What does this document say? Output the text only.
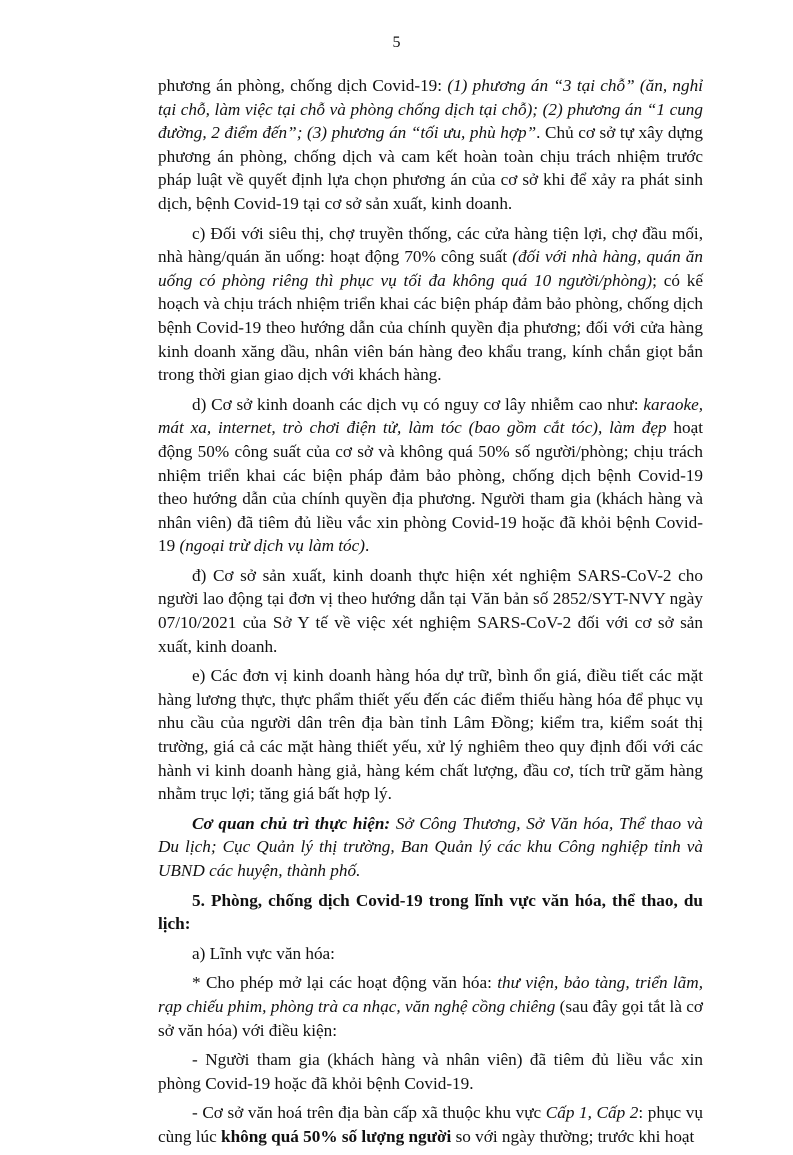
5

phương án phòng, chống dịch Covid-19: (1) phương án “3 tại chỗ” (ăn, nghỉ tại chỗ, làm việc tại chỗ và phòng chống dịch tại chỗ); (2) phương án “1 cung đường, 2 điểm đến”; (3) phương án “tối ưu, phù hợp”. Chủ cơ sở tự xây dựng phương án phòng, chống dịch và cam kết hoàn toàn chịu trách nhiệm trước pháp luật về quyết định lựa chọn phương án của cơ sở khi để xảy ra phát sinh dịch, bệnh Covid-19 tại cơ sở sản xuất, kinh doanh.

c) Đối với siêu thị, chợ truyền thống, các cửa hàng tiện lợi, chợ đầu mối, nhà hàng/quán ăn uống: hoạt động 70% công suất (đối với nhà hàng, quán ăn uống có phòng riêng thì phục vụ tối đa không quá 10 người/phòng); có kế hoạch và chịu trách nhiệm triển khai các biện pháp đảm bảo phòng, chống dịch bệnh Covid-19 theo hướng dẫn của chính quyền địa phương; đối với cửa hàng kinh doanh xăng dầu, nhân viên bán hàng đeo khẩu trang, kính chắn giọt bắn trong thời gian giao dịch với khách hàng.

d) Cơ sở kinh doanh các dịch vụ có nguy cơ lây nhiễm cao như: karaoke, mát xa, internet, trò chơi điện tử, làm tóc (bao gồm cắt tóc), làm đẹp hoạt động 50% công suất của cơ sở và không quá 50% số người/phòng; chịu trách nhiệm triển khai các biện pháp đảm bảo phòng, chống dịch bệnh Covid-19 theo hướng dẫn của chính quyền địa phương. Người tham gia (khách hàng và nhân viên) đã tiêm đủ liều vắc xin phòng Covid-19 hoặc đã khỏi bệnh Covid-19 (ngoại trừ dịch vụ làm tóc).

đ) Cơ sở sản xuất, kinh doanh thực hiện xét nghiệm SARS-CoV-2 cho người lao động tại đơn vị theo hướng dẫn tại Văn bản số 2852/SYT-NVY ngày 07/10/2021 của Sở Y tế về việc xét nghiệm SARS-CoV-2 đối với cơ sở sản xuất, kinh doanh.

e) Các đơn vị kinh doanh hàng hóa dự trữ, bình ổn giá, điều tiết các mặt hàng lương thực, thực phẩm thiết yếu đến các điểm thiếu hàng hóa để phục vụ nhu cầu của người dân trên địa bàn tỉnh Lâm Đồng; kiểm tra, kiểm soát thị trường, giá cả các mặt hàng thiết yếu, xử lý nghiêm theo quy định đối với các hành vi kinh doanh hàng giả, hàng kém chất lượng, đầu cơ, tích trữ găm hàng nhằm trục lợi; tăng giá bất hợp lý.

Cơ quan chủ trì thực hiện: Sở Công Thương, Sở Văn hóa, Thể thao và Du lịch; Cục Quản lý thị trường, Ban Quản lý các khu Công nghiệp tỉnh và UBND các huyện, thành phố.

5. Phòng, chống dịch Covid-19 trong lĩnh vực văn hóa, thể thao, du lịch:

a) Lĩnh vực văn hóa:

* Cho phép mở lại các hoạt động văn hóa: thư viện, bảo tàng, triển lãm, rạp chiếu phim, phòng trà ca nhạc, văn nghệ cồng chiêng (sau đây gọi tắt là cơ sở văn hóa) với điều kiện:

- Người tham gia (khách hàng và nhân viên) đã tiêm đủ liều vắc xin phòng Covid-19 hoặc đã khỏi bệnh Covid-19.

- Cơ sở văn hoá trên địa bàn cấp xã thuộc khu vực Cấp 1, Cấp 2: phục vụ cùng lúc không quá 50% số lượng người so với ngày thường; trước khi hoạt
